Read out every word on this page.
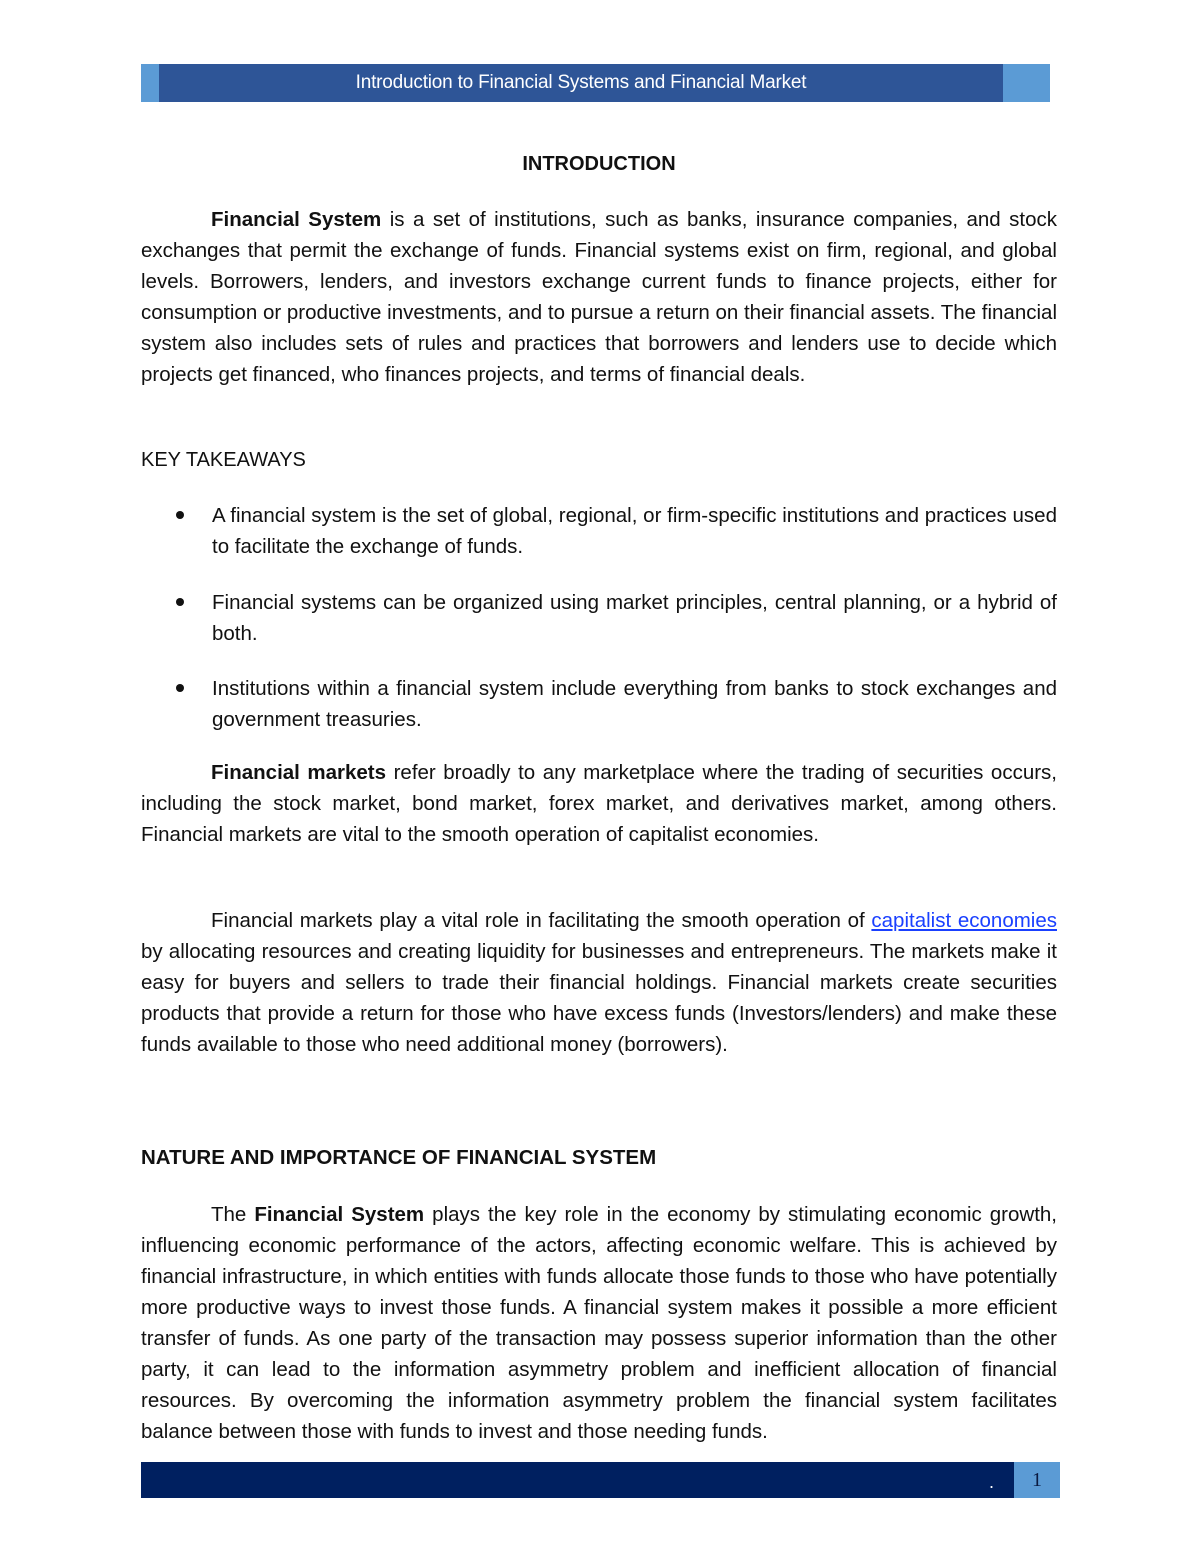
Introduction to Financial Systems and Financial Market
INTRODUCTION
Financial System is a set of institutions, such as banks, insurance companies, and stock exchanges that permit the exchange of funds. Financial systems exist on firm, regional, and global levels. Borrowers, lenders, and investors exchange current funds to finance projects, either for consumption or productive investments, and to pursue a return on their financial assets. The financial system also includes sets of rules and practices that borrowers and lenders use to decide which projects get financed, who finances projects, and terms of financial deals.
KEY TAKEAWAYS
A financial system is the set of global, regional, or firm-specific institutions and practices used to facilitate the exchange of funds.
Financial systems can be organized using market principles, central planning, or a hybrid of both.
Institutions within a financial system include everything from banks to stock exchanges and government treasuries.
Financial markets refer broadly to any marketplace where the trading of securities occurs, including the stock market, bond market, forex market, and derivatives market, among others. Financial markets are vital to the smooth operation of capitalist economies.
Financial markets play a vital role in facilitating the smooth operation of capitalist economies by allocating resources and creating liquidity for businesses and entrepreneurs. The markets make it easy for buyers and sellers to trade their financial holdings. Financial markets create securities products that provide a return for those who have excess funds (Investors/lenders) and make these funds available to those who need additional money (borrowers).
NATURE AND IMPORTANCE OF FINANCIAL SYSTEM
The Financial System plays the key role in the economy by stimulating economic growth, influencing economic performance of the actors, affecting economic welfare. This is achieved by financial infrastructure, in which entities with funds allocate those funds to those who have potentially more productive ways to invest those funds. A financial system makes it possible a more efficient transfer of funds. As one party of the transaction may possess superior information than the other party, it can lead to the information asymmetry problem and inefficient allocation of financial resources. By overcoming the information asymmetry problem the financial system facilitates balance between those with funds to invest and those needing funds.
. 1
